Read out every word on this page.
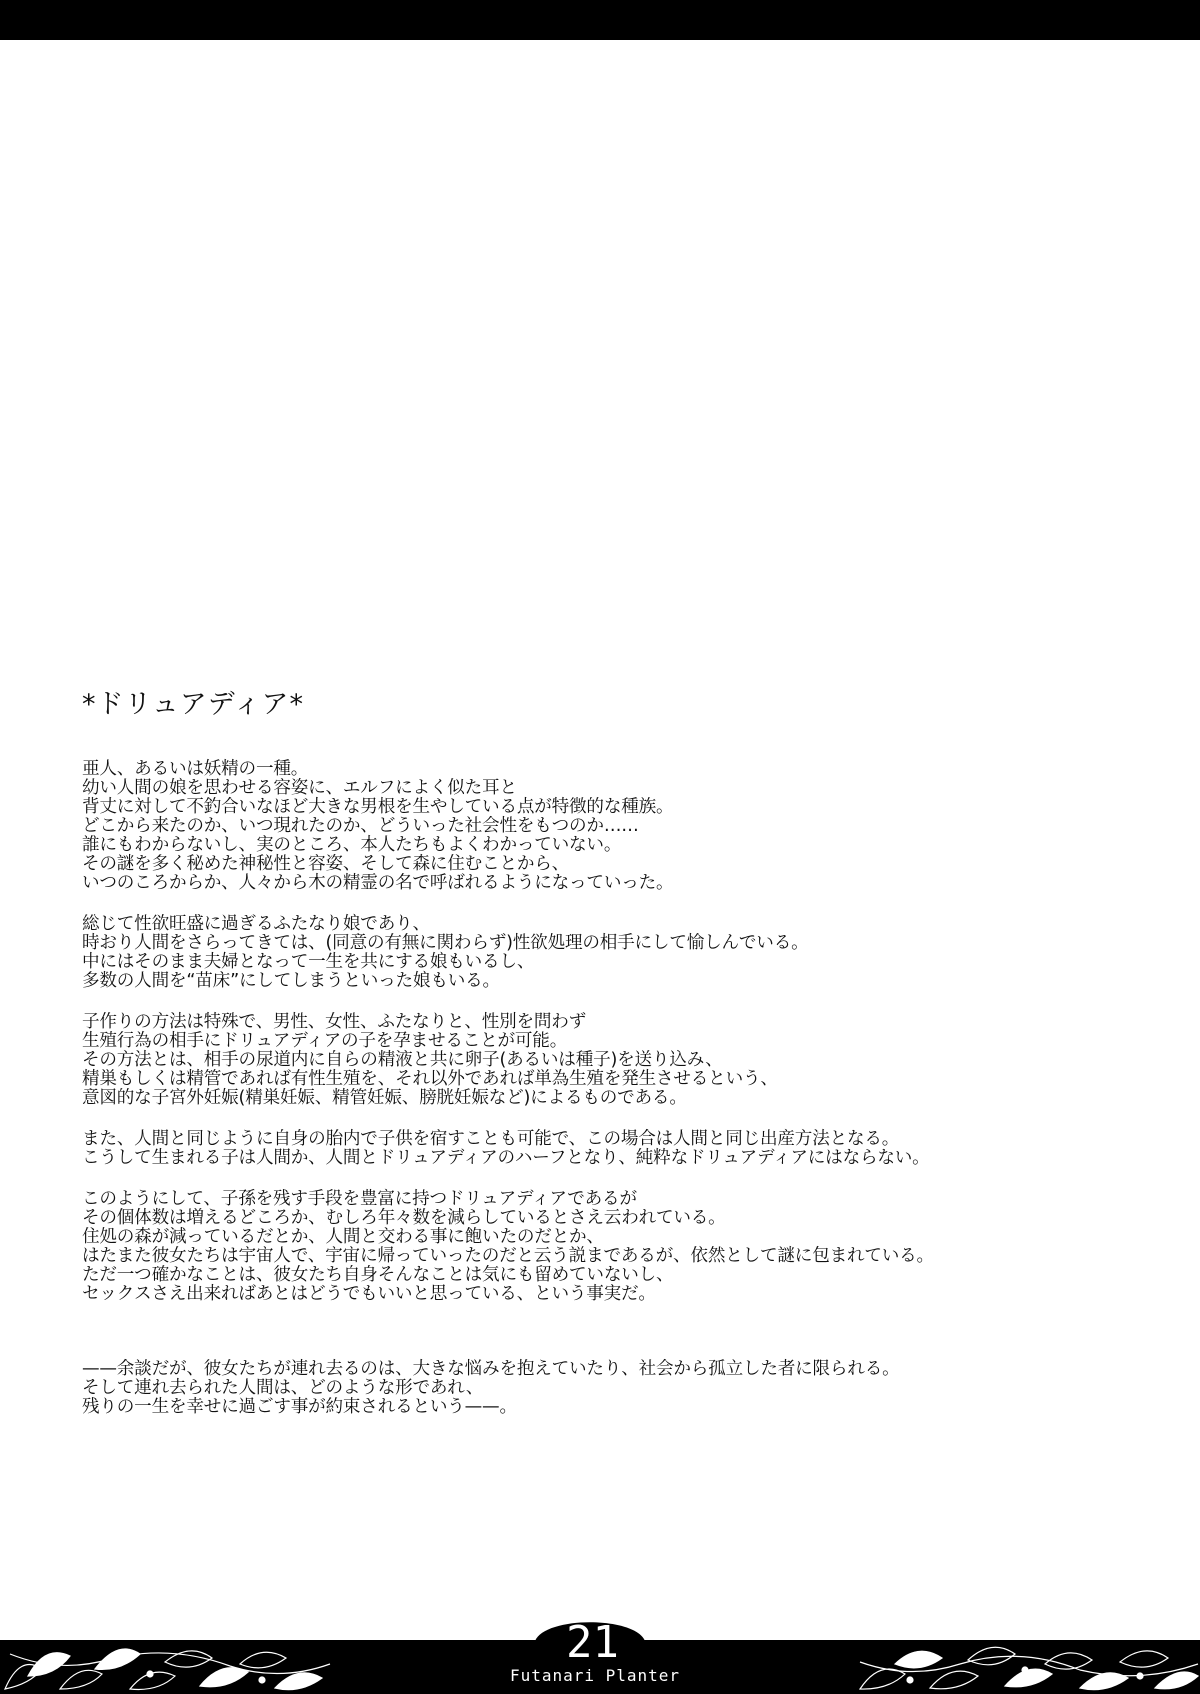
*ドリュアディア*
亜人、あるいは妖精の一種。
幼い人間の娘を思わせる容姿に、エルフによく似た耳と
背丈に対して不釣合いなほど大きな男根を生やしている点が特徴的な種族。
どこから来たのか、いつ現れたのか、どういった社会性をもつのか……
誰にもわからないし、実のところ、本人たちもよくわかっていない。
その謎を多く秘めた神秘性と容姿、そして森に住むことから、
いつのころからか、人々から木の精霊の名で呼ばれるようになっていった。
総じて性欲旺盛に過ぎるふたなり娘であり、
時おり人間をさらってきては、(同意の有無に関わらず)性欲処理の相手にして愉しんでいる。
中にはそのまま夫婦となって一生を共にする娘もいるし、
多数の人間を“苗床”にしてしまうといった娘もいる。
子作りの方法は特殊で、男性、女性、ふたなりと、性別を問わず
生殖行為の相手にドリュアディアの子を孕ませることが可能。
その方法とは、相手の尿道内に自らの精液と共に卵子(あるいは種子)を送り込み、
精巣もしくは精管であれば有性生殖を、それ以外であれば単為生殖を発生させるという、
意図的な子宮外妊娠(精巣妊娠、精管妊娠、膀胱妊娠など)によるものである。
また、人間と同じように自身の胎内で子供を宿すことも可能で、この場合は人間と同じ出産方法となる。
こうして生まれる子は人間か、人間とドリュアディアのハーフとなり、純粋なドリュアディアにはならない。
このようにして、子孫を残す手段を豊富に持つドリュアディアであるが
その個体数は増えるどころか、むしろ年々数を減らしているとさえ云われている。
住処の森が減っているだとか、人間と交わる事に飽いたのだとか、
はたまた彼女たちは宇宙人で、宇宙に帰っていったのだと云う説まであるが、依然として謎に包まれている。
ただ一つ確かなことは、彼女たち自身そんなことは気にも留めていないし、
セックスさえ出来ればあとはどうでもいいと思っている、という事実だ。
——余談だが、彼女たちが連れ去るのは、大きな悩みを抱えていたり、社会から孤立した者に限られる。
そして連れ去られた人間は、どのような形であれ、
残りの一生を幸せに過ごす事が約束されるという——。
21
Futanari Planter
